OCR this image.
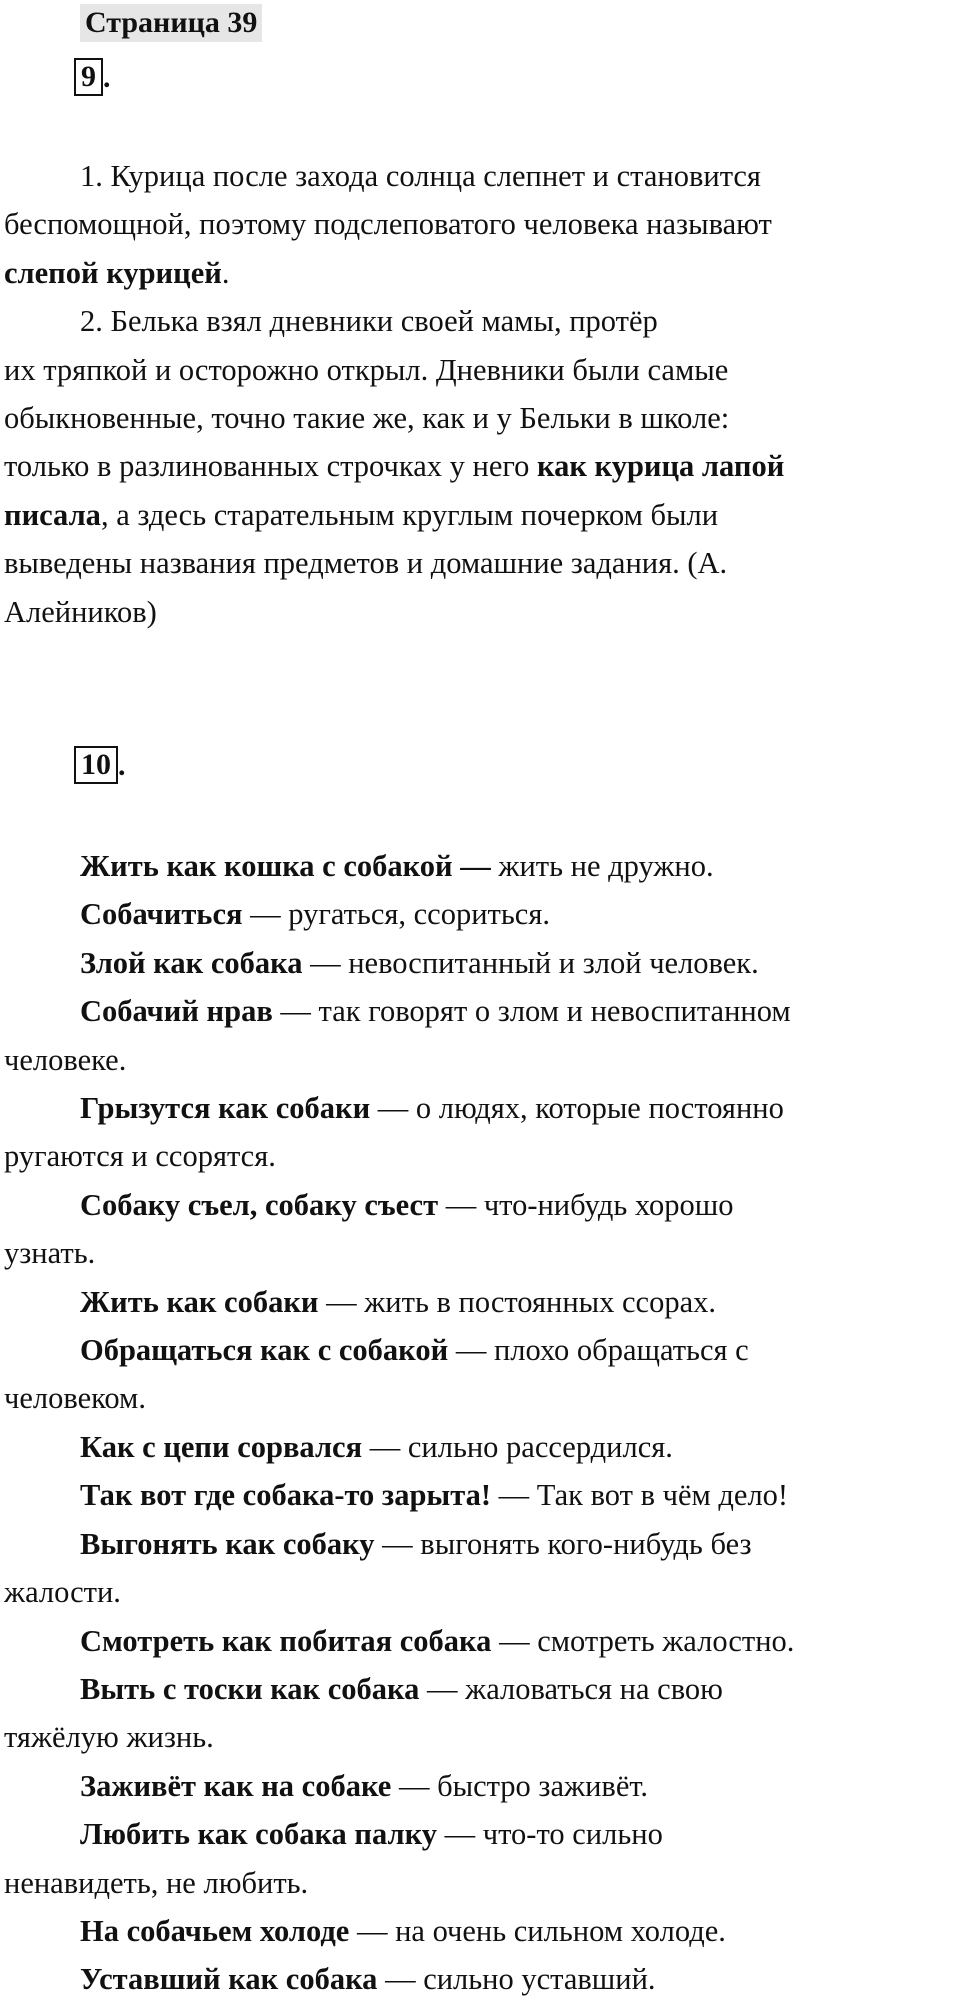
Страница 39
9 .

1. Курица после захода солнца слепнет и становится
беспомощной, поэтому подслеповатого человека называют
слепой курицей.

2. Белька взял дневники своей мамы, протёр
их тряпкой и осторожно открыл. Дневники были самые
обыкновенные, точно такие же, как и у Бельки в школе:
только в разлинованных строчках у него как курица лапой
писала, а здесь старательным круглым почерком были
выведены названия предметов и домашние задания. (А.
Алейников)

10 .

Жить как кошка с собакой — жить не дружно.

Собачиться — ругаться, ссориться.

Злой как собака — невоспитанный и злой человек.

Собачий нрав — так говорят о злом и невоспитанном
человеке.

Грызутся как собаки — о людях, которые постоянно
ругаются и ссорятся.

Собаку съел, собаку съест — что-нибудь хорошо
узнать.

Жить как собаки — жить в постоянных ссорах.

Обращаться как с собакой — плохо обращаться с
человеком.

Как с цепи сорвался — сильно рассердился.

Так вот где собака-то зарыта! — Так вот в чём дело!

Выгонять как собаку — выгонять кого-нибудь без
жалости.

Смотреть как побитая собака — смотреть жалостно.

Выть с тоски как собака — жаловаться на свою
тяжёлую жизнь.

Заживёт как на собаке — быстро заживёт.

Любить как собака палку — что-то сильно
ненавидеть, не любить.

На собачьем холоде — на очень сильном холоде.

Уставший как собака — сильно уставший.
